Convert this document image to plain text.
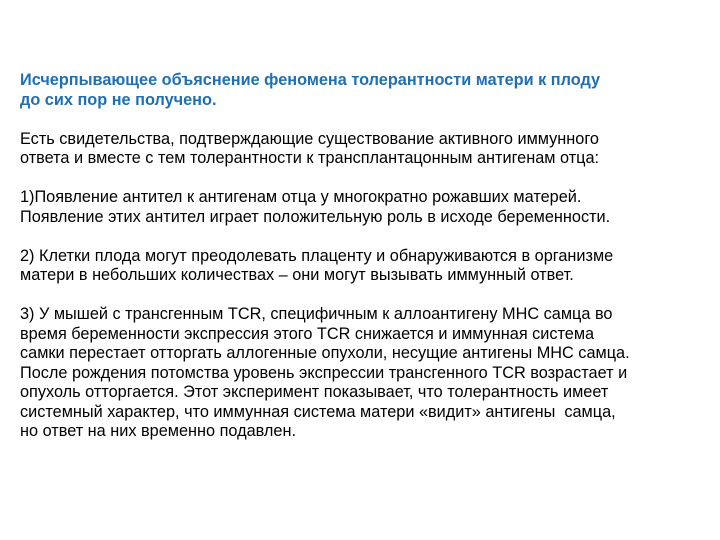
Исчерпывающее объяснение феномена толерантности матери к плоду
до сих пор не получено.
Есть свидетельства, подтверждающие существование активного иммунного
ответа и вместе с тем толерантности к трансплантацонным антигенам отца:
1)Появление антител к антигенам отца у многократно рожавших матерей.
Появление этих антител играет положительную роль в исходе беременности.
2) Клетки плода могут преодолевать плаценту и обнаруживаются в организме
матери в небольших количествах – они могут вызывать иммунный ответ.
3) У мышей с трансгенным TCR, специфичным к аллоантигену MHC самца во
время беременности экспрессия этого TCR снижается и иммунная система
самки перестает отторгать аллогенные опухоли, несущие антигены MHC самца.
После рождения потомства уровень экспрессии трансгенного TCR возрастает и
опухоль отторгается. Этот эксперимент показывает, что толерантность имеет
системный характер, что иммунная система матери «видит» антигены  самца,
но ответ на них временно подавлен.
